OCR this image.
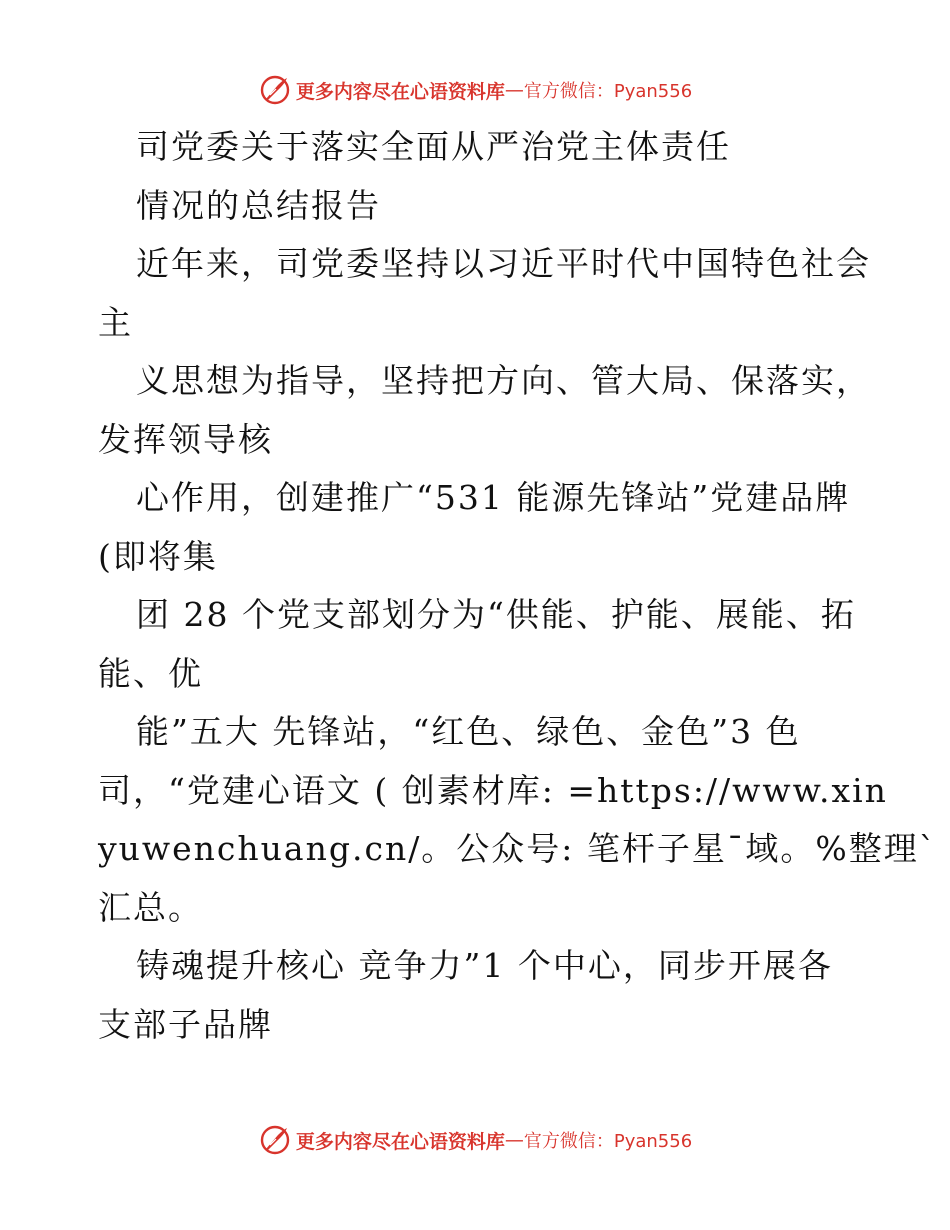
更多内容尽在心语资料库 — 官方微信：Pyan556
司党委关于落实全面从严治党主体责任
情况的总结报告
近年来，司党委坚持以习近平时代中国特色社会
主
义思想为指导，坚持把方向、管大局、保落实，
发挥领导核
心作用，创建推广“531 能源先锋站”党建品牌
(即将集
团 28 个党支部划分为“供能、护能、展能、拓
能、优
能”五大 先锋站，“红色、绿色、金色”3 色
司，“党建心语文 ( 创素材库: =https://www.xin
yuwenchuang.cn/。公众号: 笔杆子星¯域。%整理`
汇总。
铸魂提升核心 竞争力”1 个中心，同步开展各
支部子品牌
更多内容尽在心语资料库 — 官方微信：Pyan556
